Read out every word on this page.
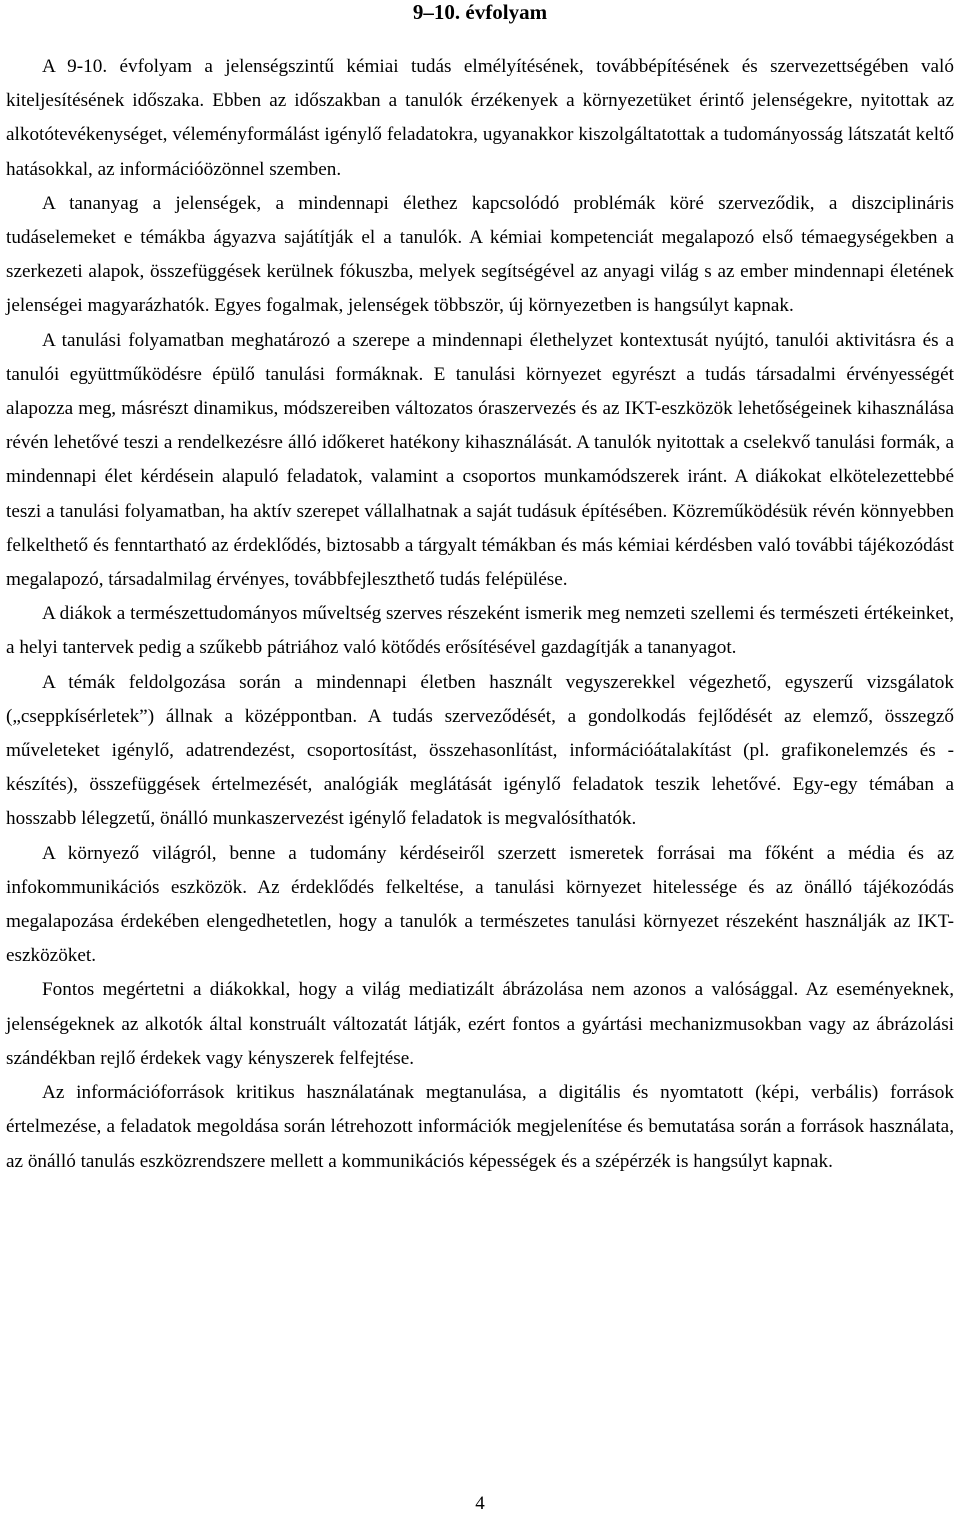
9–10. évfolyam

A 9-10. évfolyam a jelenségszintű kémiai tudás elmélyítésének, továbbépítésének és szervezettségében való kiteljesítésének időszaka. Ebben az időszakban a tanulók érzékenyek a környezetüket érintő jelenségekre, nyitottak az alkotótevékenységet, véleményformálást igénylő feladatokra, ugyanakkor kiszolgáltatottak a tudományosság látszatát keltő hatásokkal, az információözönnel szemben.

A tananyag a jelenségek, a mindennapi élethez kapcsolódó problémák köré szerveződik, a diszciplináris tudáselemeket e témákba ágyazva sajátítják el a tanulók. A kémiai kompetenciát megalapozó első témaegységekben a szerkezeti alapok, összefüggések kerülnek fókuszba, melyek segítségével az anyagi világ s az ember mindennapi életének jelenségei magyarázhatók. Egyes fogalmak, jelenségek többször, új környezetben is hangsúlyt kapnak.

A tanulási folyamatban meghatározó a szerepe a mindennapi élethelyzet kontextusát nyújtó, tanulói aktivitásra és a tanulói együttműködésre épülő tanulási formáknak. E tanulási környezet egyrészt a tudás társadalmi érvényességét alapozza meg, másrészt dinamikus, módszereiben változatos óraszervezés és az IKT-eszközök lehetőségeinek kihasználása révén lehetővé teszi a rendelkezésre álló időkeret hatékony kihasználását. A tanulók nyitottak a cselekvő tanulási formák, a mindennapi élet kérdésein alapuló feladatok, valamint a csoportos munkamódszerek iránt. A diákokat elkötelezettebbé teszi a tanulási folyamatban, ha aktív szerepet vállalhatnak a saját tudásuk építésében. Közreműködésük révén könnyebben felkelthető és fenntartható az érdeklődés, biztosabb a tárgyalt témákban és más kémiai kérdésben való további tájékozódást megalapozó, társadalmilag érvényes, továbbfejleszthető tudás felépülése.

A diákok a természettudományos műveltség szerves részeként ismerik meg nemzeti szellemi és természeti értékeinket, a helyi tantervek pedig a szűkebb pátriához való kötődés erősítésével gazdagítják a tananyagot.

A témák feldolgozása során a mindennapi életben használt vegyszerekkel végezhető, egyszerű vizsgálatok („cseppkísérletek”) állnak a középpontban. A tudás szerveződését, a gondolkodás fejlődését az elemző, összegző műveleteket igénylő, adatrendezést, csoportosítást, összehasonlítást, információátalakítást (pl. grafikonelemzés és -készítés), összefüggések értelmezését, analógiák meglátását igénylő feladatok teszik lehetővé. Egy-egy témában a hosszabb lélegzetű, önálló munkaszervezést igénylő feladatok is megvalósíthatók.

A környező világról, benne a tudomány kérdéseiről szerzett ismeretek forrásai ma főként a média és az infokommunikációs eszközök. Az érdeklődés felkeltése, a tanulási környezet hitelessége és az önálló tájékozódás megalapozása érdekében elengedhetetlen, hogy a tanulók a természetes tanulási környezet részeként használják az IKT-eszközöket.

Fontos megértetni a diákokkal, hogy a világ mediatizált ábrázolása nem azonos a valósággal. Az eseményeknek, jelenségeknek az alkotók által konstruált változatát látják, ezért fontos a gyártási mechanizmusokban vagy az ábrázolási szándékban rejlő érdekek vagy kényszerek felfejtése.

Az információforrások kritikus használatának megtanulása, a digitális és nyomtatott (képi, verbális) források értelmezése, a feladatok megoldása során létrehozott információk megjelenítése és bemutatása során a források használata, az önálló tanulás eszközrendszere mellett a kommunikációs képességek és a szépérzék is hangsúlyt kapnak.

4
